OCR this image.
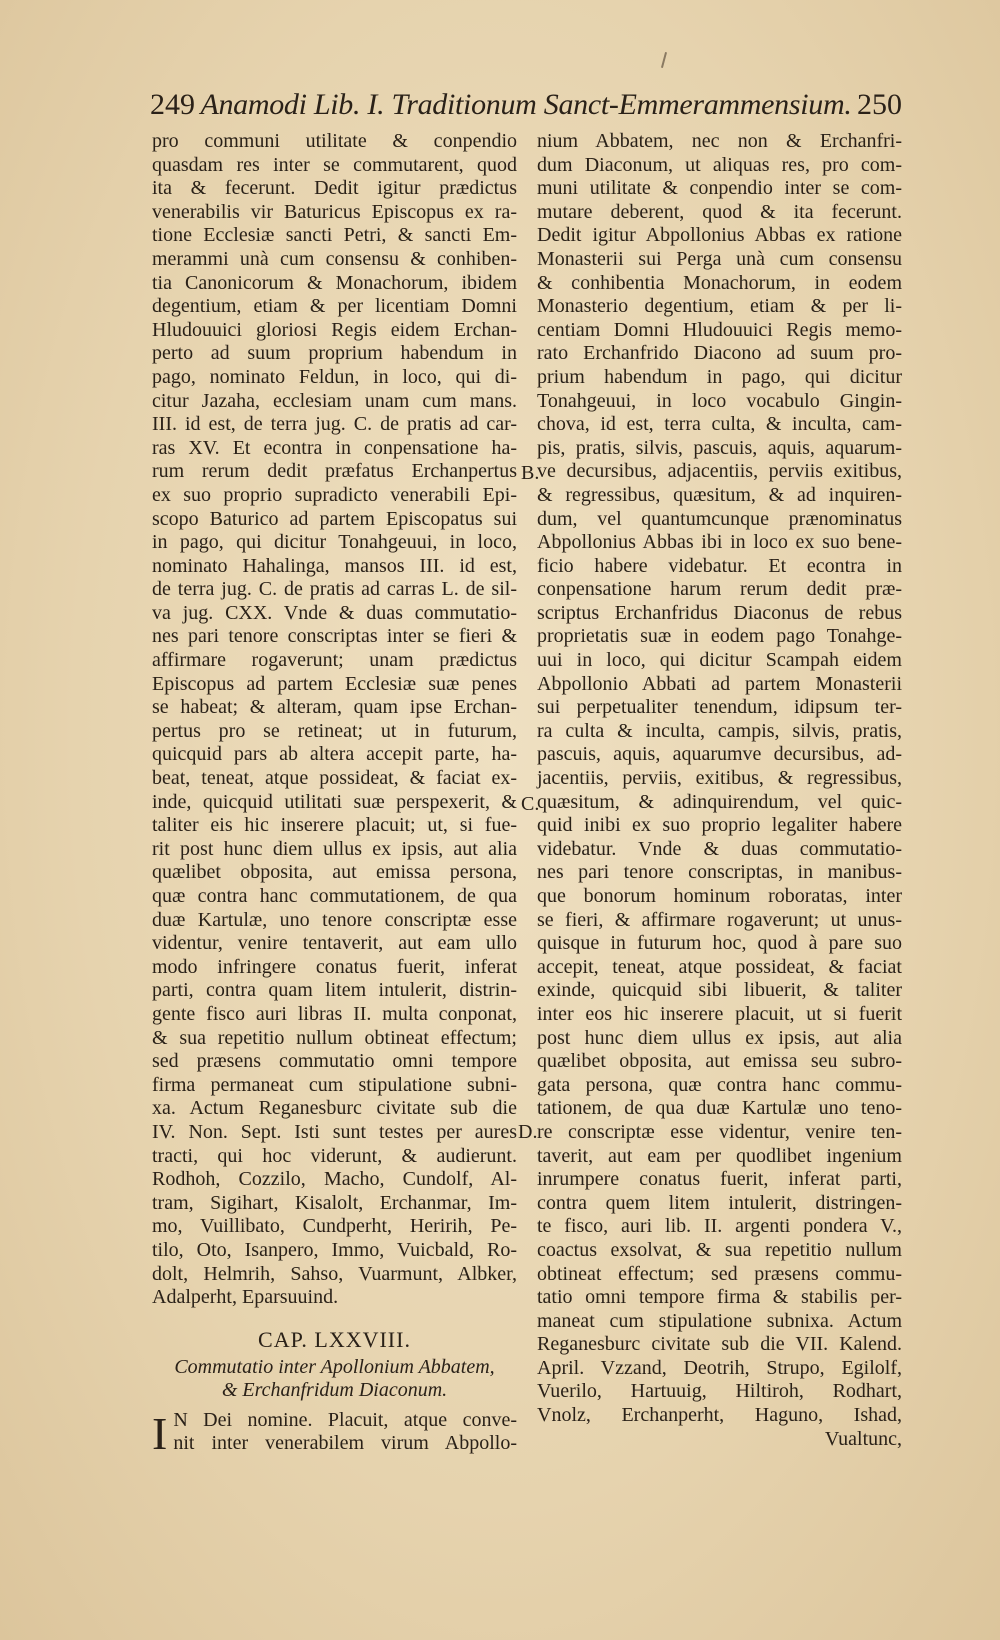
249 Anamodi Lib. I. Traditionum Sanct-Emmerammensium. 250
B.
C.
D.
pro communi utilitate & conpendio
quasdam res inter se commutarent, quod
ita & fecerunt. Dedit igitur prædictus
venerabilis vir Baturicus Episcopus ex ra-
tione Ecclesiæ sancti Petri, & sancti Em-
merammi unà cum consensu & conhiben-
tia Canonicorum & Monachorum, ibidem
degentium, etiam & per licentiam Domni
Hludouuici gloriosi Regis eidem Erchan-
perto ad suum proprium habendum in
pago, nominato Feldun, in loco, qui di-
citur Jazaha, ecclesiam unam cum mans.
III. id est, de terra jug. C. de pratis ad car-
ras XV. Et econtra in conpensatione ha-
rum rerum dedit præfatus Erchanpertus
ex suo proprio supradicto venerabili Epi-
scopo Baturico ad partem Episcopatus sui
in pago, qui dicitur Tonahgeuui, in loco,
nominato Hahalinga, mansos III. id est,
de terra jug. C. de pratis ad carras L. de sil-
va jug. CXX. Vnde & duas commutatio-
nes pari tenore conscriptas inter se fieri &
affirmare rogaverunt; unam prædictus
Episcopus ad partem Ecclesiæ suæ penes
se habeat; & alteram, quam ipse Erchan-
pertus pro se retineat; ut in futurum,
quicquid pars ab altera accepit parte, ha-
beat, teneat, atque possideat, & faciat ex-
inde, quicquid utilitati suæ perspexerit, &
taliter eis hic inserere placuit; ut, si fue-
rit post hunc diem ullus ex ipsis, aut alia
quælibet obposita, aut emissa persona,
quæ contra hanc commutationem, de qua
duæ Kartulæ, uno tenore conscriptæ esse
videntur, venire tentaverit, aut eam ullo
modo infringere conatus fuerit, inferat
parti, contra quam litem intulerit, distrin-
gente fisco auri libras II. multa conponat,
& sua repetitio nullum obtineat effectum;
sed præsens commutatio omni tempore
firma permaneat cum stipulatione subni-
xa. Actum Reganesburc civitate sub die
IV. Non. Sept. Isti sunt testes per aures
tracti, qui hoc viderunt, & audierunt.
Rodhoh, Cozzilo, Macho, Cundolf, Al-
tram, Sigihart, Kisalolt, Erchanmar, Im-
mo, Vuillibato, Cundperht, Heririh, Pe-
tilo, Oto, Isanpero, Immo, Vuicbald, Ro-
dolt, Helmrih, Sahso, Vuarmunt, Albker,
Adalperht, Eparsuuind.
CAP. LXXVIII.
Commutatio inter Apollonium Abbatem,
& Erchanfridum Diaconum.
I N Dei nomine. Placuit, atque conve-
nit inter venerabilem virum Abpollo-
nium Abbatem, nec non & Erchanfri-
dum Diaconum, ut aliquas res, pro com-
muni utilitate & conpendio inter se com-
mutare deberent, quod & ita fecerunt.
Dedit igitur Abpollonius Abbas ex ratione
Monasterii sui Perga unà cum consensu
& conhibentia Monachorum, in eodem
Monasterio degentium, etiam & per li-
centiam Domni Hludouuici Regis memo-
rato Erchanfrido Diacono ad suum pro-
prium habendum in pago, qui dicitur
Tonahgeuui, in loco vocabulo Gingin-
chova, id est, terra culta, & inculta, cam-
pis, pratis, silvis, pascuis, aquis, aquarum-
ve decursibus, adjacentiis, perviis exitibus,
& regressibus, quæsitum, & ad inquiren-
dum, vel quantumcunque prænominatus
Abpollonius Abbas ibi in loco ex suo bene-
ficio habere videbatur. Et econtra in
conpensatione harum rerum dedit præ-
scriptus Erchanfridus Diaconus de rebus
proprietatis suæ in eodem pago Tonahge-
uui in loco, qui dicitur Scampah eidem
Abpollonio Abbati ad partem Monasterii
sui perpetualiter tenendum, idipsum ter-
ra culta & inculta, campis, silvis, pratis,
pascuis, aquis, aquarumve decursibus, ad-
jacentiis, perviis, exitibus, & regressibus,
quæsitum, & adinquirendum, vel quic-
quid inibi ex suo proprio legaliter habere
videbatur. Vnde & duas commutatio-
nes pari tenore conscriptas, in manibus-
que bonorum hominum roboratas, inter
se fieri, & affirmare rogaverunt; ut unus-
quisque in futurum hoc, quod à pare suo
accepit, teneat, atque possideat, & faciat
exinde, quicquid sibi libuerit, & taliter
inter eos hic inserere placuit, ut si fuerit
post hunc diem ullus ex ipsis, aut alia
quælibet obposita, aut emissa seu subro-
gata persona, quæ contra hanc commu-
tationem, de qua duæ Kartulæ uno teno-
re conscriptæ esse videntur, venire ten-
taverit, aut eam per quodlibet ingenium
inrumpere conatus fuerit, inferat parti,
contra quem litem intulerit, distringen-
te fisco, auri lib. II. argenti pondera V.,
coactus exsolvat, & sua repetitio nullum
obtineat effectum; sed præsens commu-
tatio omni tempore firma & stabilis per-
maneat cum stipulatione subnixa. Actum
Reganesburc civitate sub die VII. Kalend.
April. Vzzand, Deotrih, Strupo, Egilolf,
Vuerilo, Hartuuig, Hiltiroh, Rodhart,
Vnolz, Erchanperht, Haguno, Ishad,
Vualtunc,
